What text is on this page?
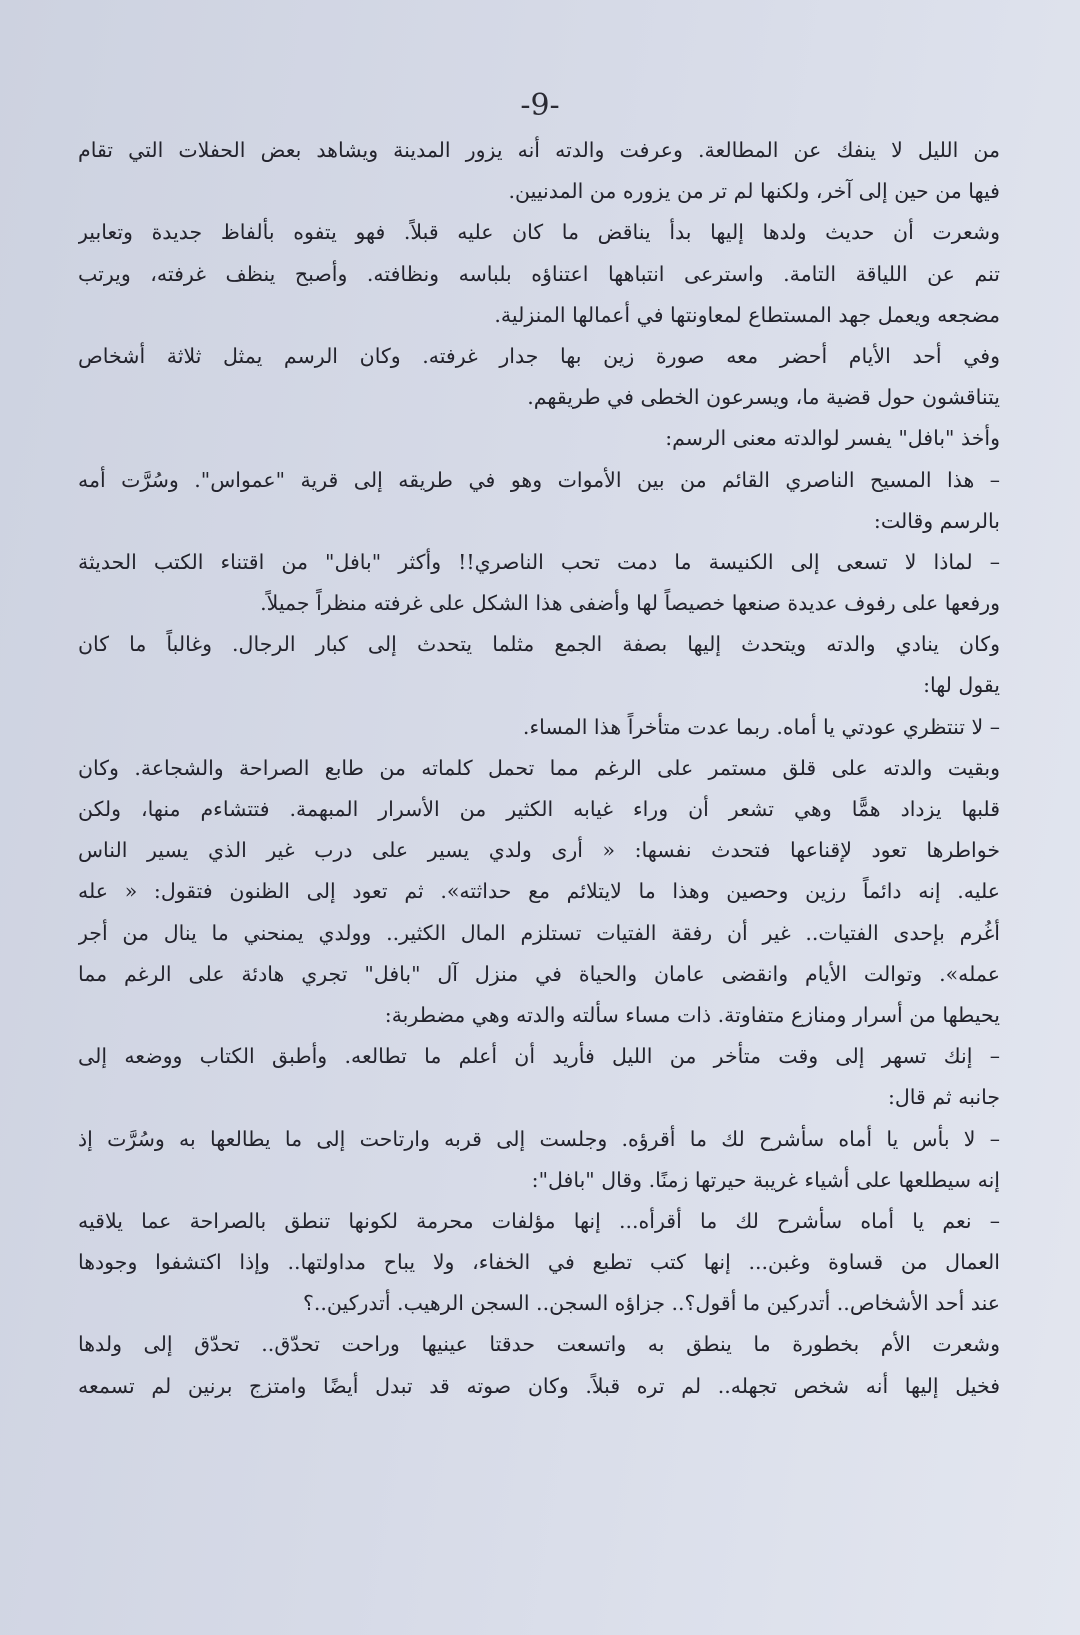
-9-
من الليل لا ينفك عن المطالعة. وعرفت والدته أنه يزور المدينة ويشاهد بعض الحفلات التي تقام
فيها من حين إلى آخر، ولكنها لم تر من يزوره من المدنيين.
وشعرت أن حديث ولدها إليها بدأ يناقض ما كان عليه قبلاً. فهو يتفوه بألفاظ جديدة وتعابير
تنم عن اللياقة التامة. واسترعى انتباهها اعتناؤه بلباسه ونظافته. وأصبح ينظف غرفته، ويرتب
مضجعه ويعمل جهد المستطاع لمعاونتها في أعمالها المنزلية.
وفي أحد الأيام أحضر معه صورة زين بها جدار غرفته. وكان الرسم يمثل ثلاثة أشخاص
يتناقشون حول قضية ما، ويسرعون الخطى في طريقهم.
وأخذ "بافل" يفسر لوالدته معنى الرسم:
– هذا المسيح الناصري القائم من بين الأموات وهو في طريقه إلى قرية "عمواس". وسُرَّت أمه
بالرسم وقالت:
– لماذا لا تسعى إلى الكنيسة ما دمت تحب الناصري!! وأكثر "بافل" من اقتناء الكتب الحديثة
ورفعها على رفوف عديدة صنعها خصيصاً لها وأضفى هذا الشكل على غرفته منظراً جميلاً.
وكان ينادي والدته ويتحدث إليها بصفة الجمع مثلما يتحدث إلى كبار الرجال. وغالباً ما كان
يقول لها:
– لا تنتظري عودتي يا أماه. ربما عدت متأخراً هذا المساء.
وبقيت والدته على قلق مستمر على الرغم مما تحمل كلماته من طابع الصراحة والشجاعة. وكان
قلبها يزداد همًّا وهي تشعر أن وراء غيابه الكثير من الأسرار المبهمة. فتتشاءم منها، ولكن
خواطرها تعود لإقناعها فتحدث نفسها: « أرى ولدي يسير على درب غير الذي يسير الناس
عليه. إنه دائماً رزين وحصين وهذا ما لايتلائم مع حداثته». ثم تعود إلى الظنون فتقول: « عله
أغُرم بإحدى الفتيات.. غير أن رفقة الفتيات تستلزم المال الكثير.. وولدي يمنحني ما ينال من أجر
عمله». وتوالت الأيام وانقضى عامان والحياة في منزل آل "بافل" تجري هادئة على الرغم مما
يحيطها من أسرار ومنازع متفاوتة. ذات مساء سألته والدته وهي مضطربة:
– إنك تسهر إلى وقت متأخر من الليل فأريد أن أعلم ما تطالعه. وأطبق الكتاب ووضعه إلى
جانبه ثم قال:
– لا بأس يا أماه سأشرح لك ما أقرؤه. وجلست إلى قربه وارتاحت إلى ما يطالعها به وسُرَّت إذ
إنه سيطلعها على أشياء غريبة حيرتها زمنًا. وقال "بافل":
– نعم يا أماه سأشرح لك ما أقرأه... إنها مؤلفات محرمة لكونها تنطق بالصراحة عما يلاقيه
العمال من قساوة وغبن... إنها كتب تطبع في الخفاء، ولا يباح مداولتها.. وإذا اكتشفوا وجودها
عند أحد الأشخاص.. أتدركين ما أقول؟.. جزاؤه السجن.. السجن الرهيب. أتدركين..؟
وشعرت الأم بخطورة ما ينطق به واتسعت حدقتا عينيها وراحت تحدّق.. تحدّق إلى ولدها
فخيل إليها أنه شخص تجهله.. لم تره قبلاً. وكان صوته قد تبدل أيضًا وامتزج برنين لم تسمعه
